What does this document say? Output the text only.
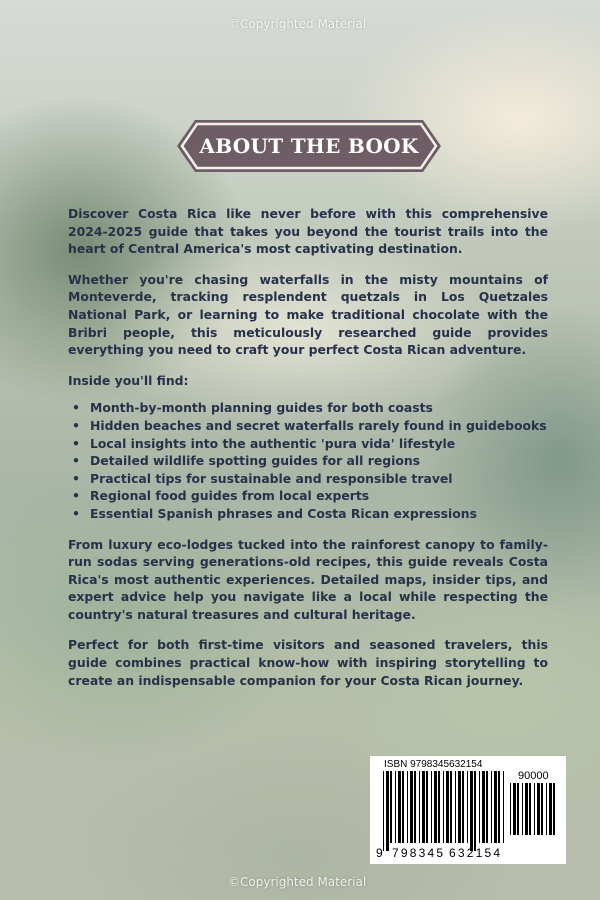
©Copyrighted Material
ABOUT THE BOOK

Discover Costa Rica like never before with this comprehensive 2024-2025 guide that takes you beyond the tourist trails into the heart of Central America's most captivating destination.

Whether you're chasing waterfalls in the misty mountains of Monteverde, tracking resplendent quetzals in Los Quetzales National Park, or learning to make traditional chocolate with the Bribri people, this meticulously researched guide provides everything you need to craft your perfect Costa Rican adventure.

Inside you'll find:

• Month-by-month planning guides for both coasts
• Hidden beaches and secret waterfalls rarely found in guidebooks
• Local insights into the authentic 'pura vida' lifestyle
• Detailed wildlife spotting guides for all regions
• Practical tips for sustainable and responsible travel
• Regional food guides from local experts
• Essential Spanish phrases and Costa Rican expressions

From luxury eco-lodges tucked into the rainforest canopy to family-run sodas serving generations-old recipes, this guide reveals Costa Rica's most authentic experiences. Detailed maps, insider tips, and expert advice help you navigate like a local while respecting the country's natural treasures and cultural heritage.

Perfect for both first-time visitors and seasoned travelers, this guide combines practical know-how with inspiring storytelling to create an indispensable companion for your Costa Rican journey.

ISBN 9798345632154
90000
9 798345 632154
©Copyrighted Material
